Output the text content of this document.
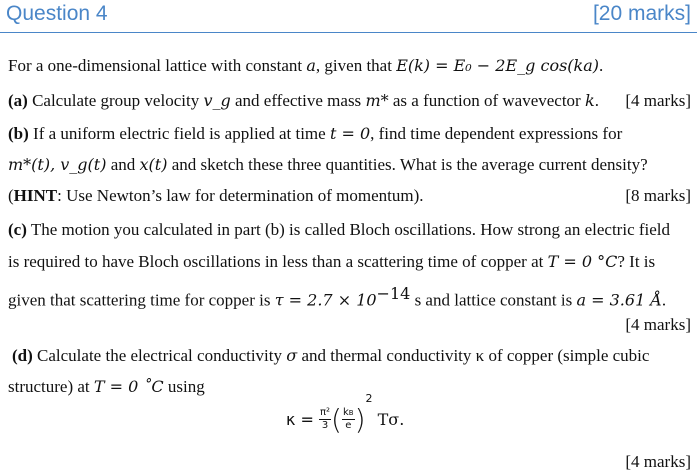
Question 4	[20 marks]
For a one-dimensional lattice with constant a, given that E(k) = E₀ − 2E_g cos(ka).
(a) Calculate group velocity v_g and effective mass m* as a function of wavevector k. [4 marks]
(b) If a uniform electric field is applied at time t = 0, find time dependent expressions for
m*(t), v_g(t) and x(t) and sketch these three quantities. What is the average current density?
(HINT: Use Newton’s law for determination of momentum).	[8 marks]
(c) The motion you calculated in part (b) is called Bloch oscillations. How strong an electric field
is required to have Bloch oscillations in less than a scattering time of copper at T = 0 °C? It is
given that scattering time for copper is $\tau = 2.7 \times 10^{-14}$ s and lattice constant is a = 3.61 Å.
[4 marks]
(d) Calculate the electrical conductivity σ and thermal conductivity κ of copper (simple cubic
structure) at T = 0 ˚C using
$\kappa = \frac{\text{π²}}{3}$ ( $\frac{kB}{e} )^2$ Tσ.
[4 marks]
